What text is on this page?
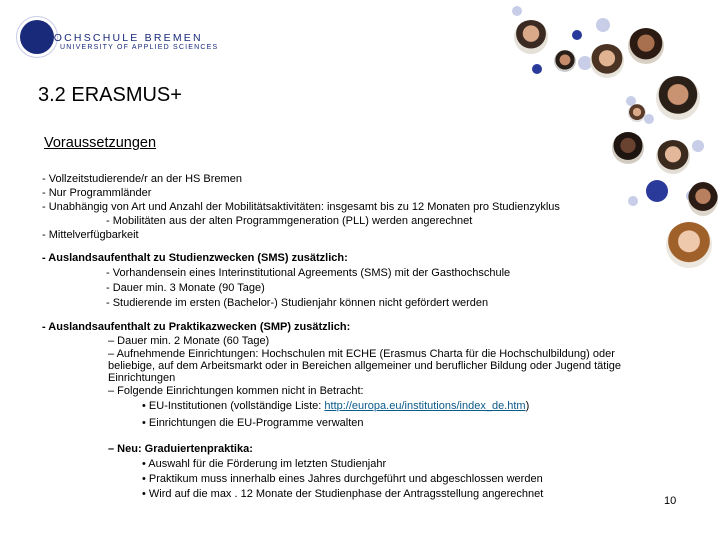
HOCHSCHULE BREMEN
UNIVERSITY OF APPLIED SCIENCES
3.2 ERASMUS+
Voraussetzungen

- Vollzeitstudierende/r an der HS Bremen

- Nur Programmländer

- Unabhängig von Art und Anzahl der Mobilitätsaktivitäten: insgesamt bis zu 12 Monaten pro Studienzyklus

- Mobilitäten aus der alten Programmgeneration (PLL) werden angerechnet

- Mittelverfügbarkeit

- Auslandsaufenthalt zu Studienzwecken (SMS) zusätzlich:

- Vorhandensein eines Interinstitutional Agreements (SMS) mit der Gasthochschule

- Dauer min. 3 Monate (90 Tage)

- Studierende im ersten (Bachelor-) Studienjahr können nicht gefördert werden

- Auslandsaufenthalt zu Praktikazwecken (SMP) zusätzlich:

– Dauer min. 2 Monate (60 Tage)

– Aufnehmende Einrichtungen: Hochschulen mit ECHE (Erasmus Charta für die Hochschulbildung) oder beliebige, auf dem Arbeitsmarkt oder in Bereichen allgemeiner und beruflicher Bildung oder Jugend tätige Einrichtungen

– Folgende Einrichtungen kommen nicht in Betracht:

• EU-Institutionen (vollständige Liste: http://europa.eu/institutions/index_de.htm)

• Einrichtungen die EU-Programme verwalten

– Neu: Graduiertenpraktika:

• Auswahl für die Förderung im letzten Studienjahr

• Praktikum muss innerhalb eines Jahres durchgeführt und abgeschlossen werden

• Wird auf die max . 12 Monate der Studienphase der Antragsstellung angerechnet

10
